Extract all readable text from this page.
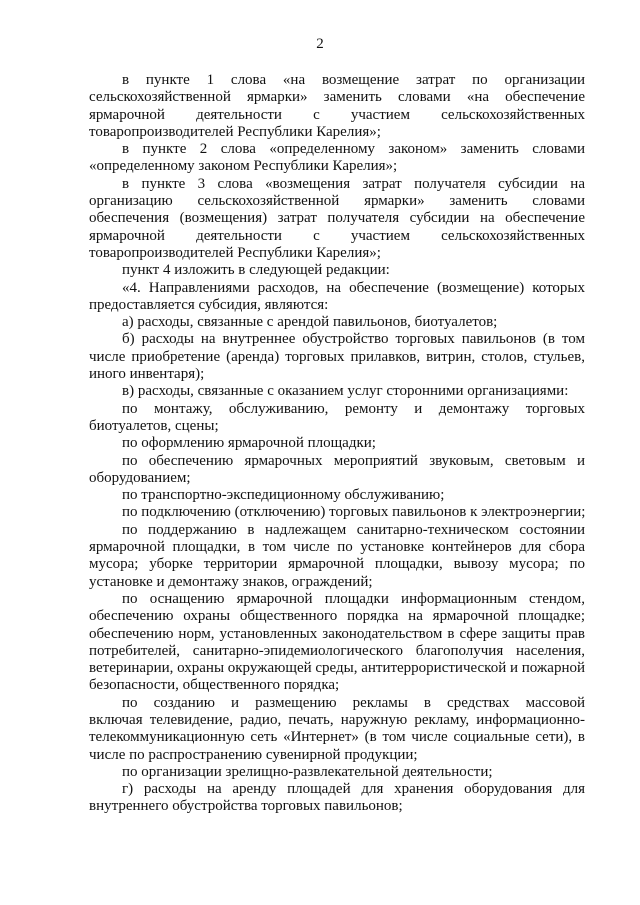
2
в пункте 1 слова «на возмещение затрат по организации
сельскохозяйственной ярмарки» заменить словами «на обеспечение
ярмарочной деятельности с участием сельскохозяйственных
товаропроизводителей Республики Карелия»;
в пункте 2 слова «определенному законом» заменить словами
«определенному законом Республики Карелия»;
в пункте 3 слова «возмещения затрат получателя субсидии на
организацию сельскохозяйственной ярмарки» заменить словами
обеспечения (возмещения) затрат получателя субсидии на обеспечение
ярмарочной деятельности с участием сельскохозяйственных
товаропроизводителей Республики Карелия»;
пункт 4 изложить в следующей редакции:
«4. Направлениями расходов, на обеспечение (возмещение) которых
предоставляется субсидия, являются:
а) расходы, связанные с арендой павильонов, биотуалетов;
б) расходы на внутреннее обустройство торговых павильонов (в том
числе приобретение (аренда) торговых прилавков, витрин, столов, стульев,
иного инвентаря);
в) расходы, связанные с оказанием услуг сторонними организациями:
по монтажу, обслуживанию, ремонту и демонтажу торговых
биотуалетов, сцены;
по оформлению ярмарочной площадки;
по обеспечению ярмарочных мероприятий звуковым, световым и
оборудованием;
по транспортно-экспедиционному обслуживанию;
по подключению (отключению) торговых павильонов к электроэнергии;
по поддержанию в надлежащем санитарно-техническом состоянии
ярмарочной площадки, в том числе по установке контейнеров для сбора
мусора; уборке территории ярмарочной площадки, вывозу мусора; по
установке и демонтажу знаков, ограждений;
по оснащению ярмарочной площадки информационным стендом,
обеспечению охраны общественного порядка на ярмарочной площадке;
обеспечению норм, установленных законодательством в сфере защиты прав
потребителей, санитарно-эпидемиологического благополучия населения,
ветеринарии, охраны окружающей среды, антитеррористической и пожарной
безопасности, общественного порядка;
по созданию и размещению рекламы в средствах массовой
включая телевидение, радио, печать, наружную рекламу, информационно-
телекоммуникационную сеть «Интернет» (в том числе социальные сети), в
числе по распространению сувенирной продукции;
по организации зрелищно-развлекательной деятельности;
г) расходы на аренду площадей для хранения оборудования для
внутреннего обустройства торговых павильонов;
